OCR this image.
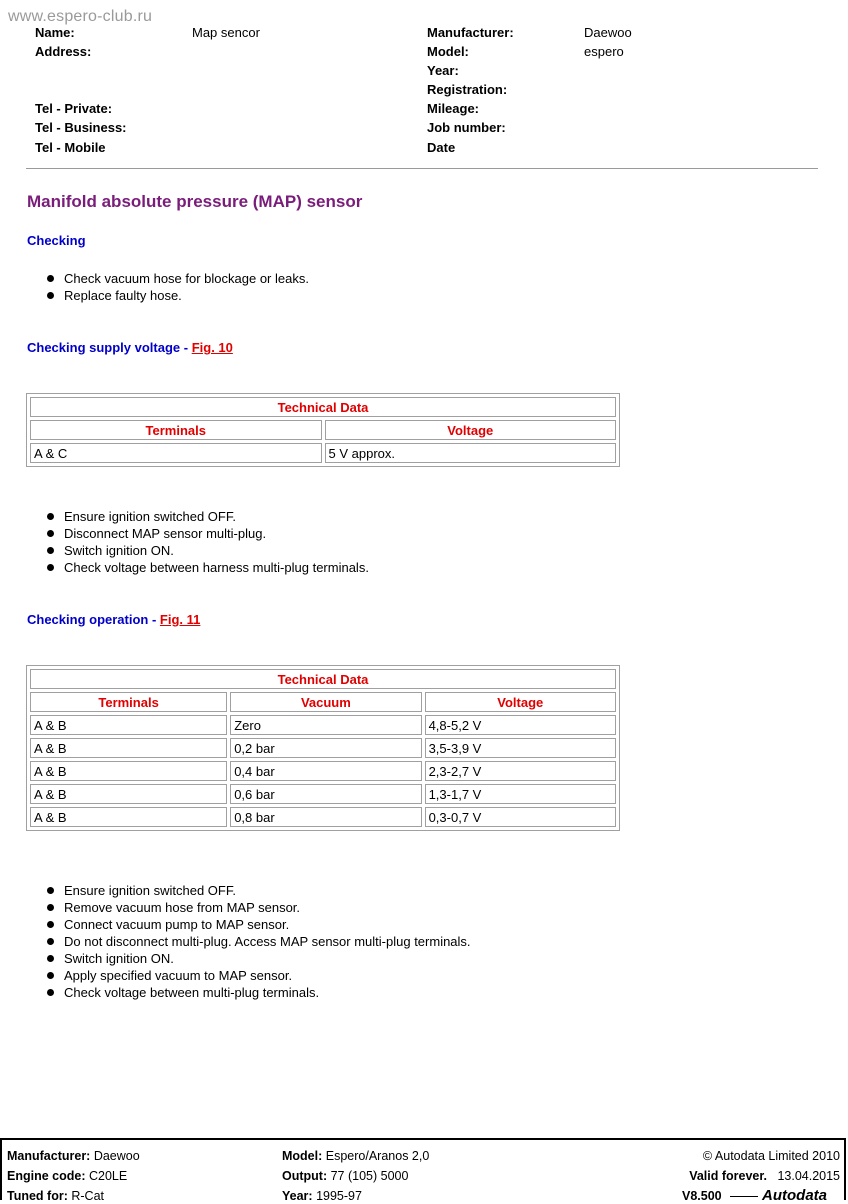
www.espero-club.ru
Name:	Map sencor
Address:
Tel - Private:
Tel - Business:
Tel - Mobile
Manufacturer:	Daewoo
Model:	espero
Year:
Registration:
Mileage:
Job number:
Date
Manifold absolute pressure (MAP) sensor
Checking
Check vacuum hose for blockage or leaks.
Replace faulty hose.
Checking supply voltage - Fig. 10
Technical Data	
Terminals	Voltage
A & C	5 V approx.
Ensure ignition switched OFF.
Disconnect MAP sensor multi-plug.
Switch ignition ON.
Check voltage between harness multi-plug terminals.
Checking operation - Fig. 11
Technical Data		
Terminals	Vacuum	Voltage
A & B	Zero	4,8-5,2 V
A & B	0,2 bar	3,5-3,9 V
A & B	0,4 bar	2,3-2,7 V
A & B	0,6 bar	1,3-1,7 V
A & B	0,8 bar	0,3-0,7 V
Ensure ignition switched OFF.
Remove vacuum hose from MAP sensor.
Connect vacuum pump to MAP sensor.
Do not disconnect multi-plug. Access MAP sensor multi-plug terminals.
Switch ignition ON.
Apply specified vacuum to MAP sensor.
Check voltage between multi-plug terminals.
Manufacturer: Daewoo
Engine code: C20LE
Tuned for: R-Cat
Model: Espero/Aranos 2,0
Output: 77 (105) 5000
Year: 1995-97
© Autodata Limited 2010
Valid forever. 13.04.2015
V8.500	Autodata
